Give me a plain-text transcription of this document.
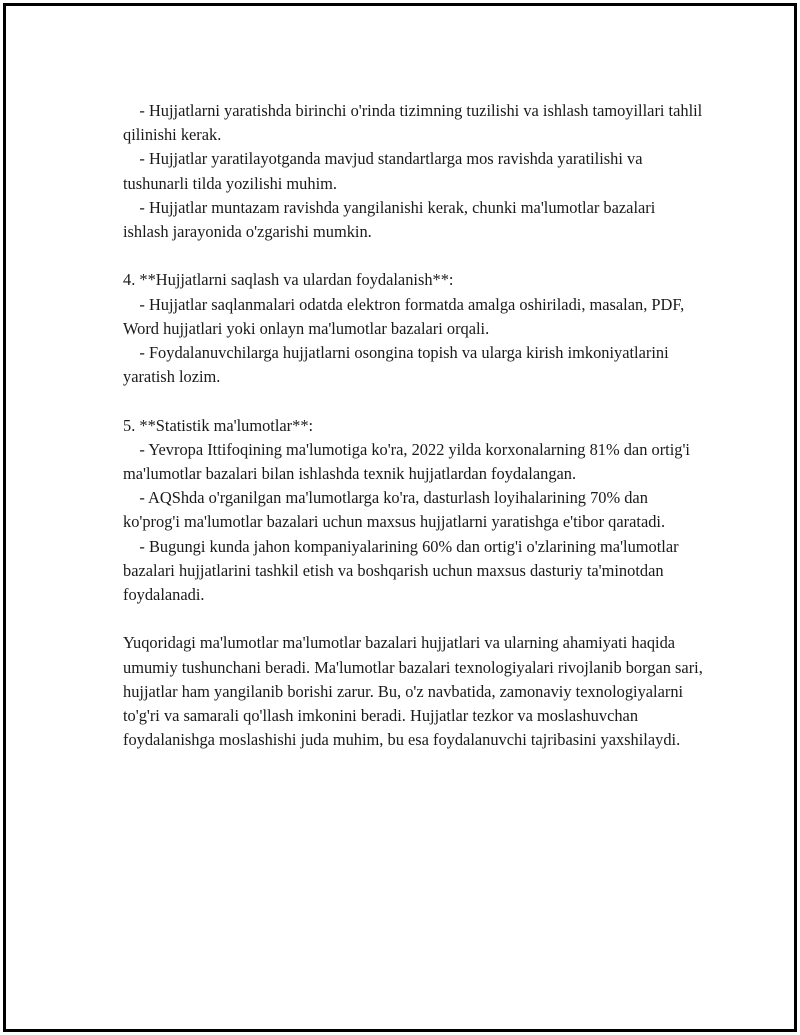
- Hujjatlarni yaratishda birinchi o'rinda tizimning tuzilishi va ishlash tamoyillari tahlil qilinishi kerak.

- Hujjatlar yaratilayotganda mavjud standartlarga mos ravishda yaratilishi va tushunarli tilda yozilishi muhim.

- Hujjatlar muntazam ravishda yangilanishi kerak, chunki ma'lumotlar bazalari ishlash jarayonida o'zgarishi mumkin.

4. **Hujjatlarni saqlash va ulardan foydalanish**:

- Hujjatlar saqlanmalari odatda elektron formatda amalga oshiriladi, masalan, PDF, Word hujjatlari yoki onlayn ma'lumotlar bazalari orqali.

- Foydalanuvchilarga hujjatlarni osongina topish va ularga kirish imkoniyatlarini yaratish lozim.

5. **Statistik ma'lumotlar**:

- Yevropa Ittifoqining ma'lumotiga ko'ra, 2022 yilda korxonalarning 81% dan ortig'i ma'lumotlar bazalari bilan ishlashda texnik hujjatlardan foydalangan.

- AQShda o'rganilgan ma'lumotlarga ko'ra, dasturlash loyihalarining 70% dan ko'prog'i ma'lumotlar bazalari uchun maxsus hujjatlarni yaratishga e'tibor qaratadi.

- Bugungi kunda jahon kompaniyalarining 60% dan ortig'i o'zlarining ma'lumotlar bazalari hujjatlarini tashkil etish va boshqarish uchun maxsus dasturiy ta'minotdan foydalanadi.

Yuqoridagi ma'lumotlar ma'lumotlar bazalari hujjatlari va ularning ahamiyati haqida umumiy tushunchani beradi. Ma'lumotlar bazalari texnologiyalari rivojlanib borgan sari, hujjatlar ham yangilanib borishi zarur. Bu, o'z navbatida, zamonaviy texnologiyalarni to'g'ri va samarali qo'llash imkonini beradi. Hujjatlar tezkor va moslashuvchan foydalanishga moslashishi juda muhim, bu esa foydalanuvchi tajribasini yaxshilaydi.
